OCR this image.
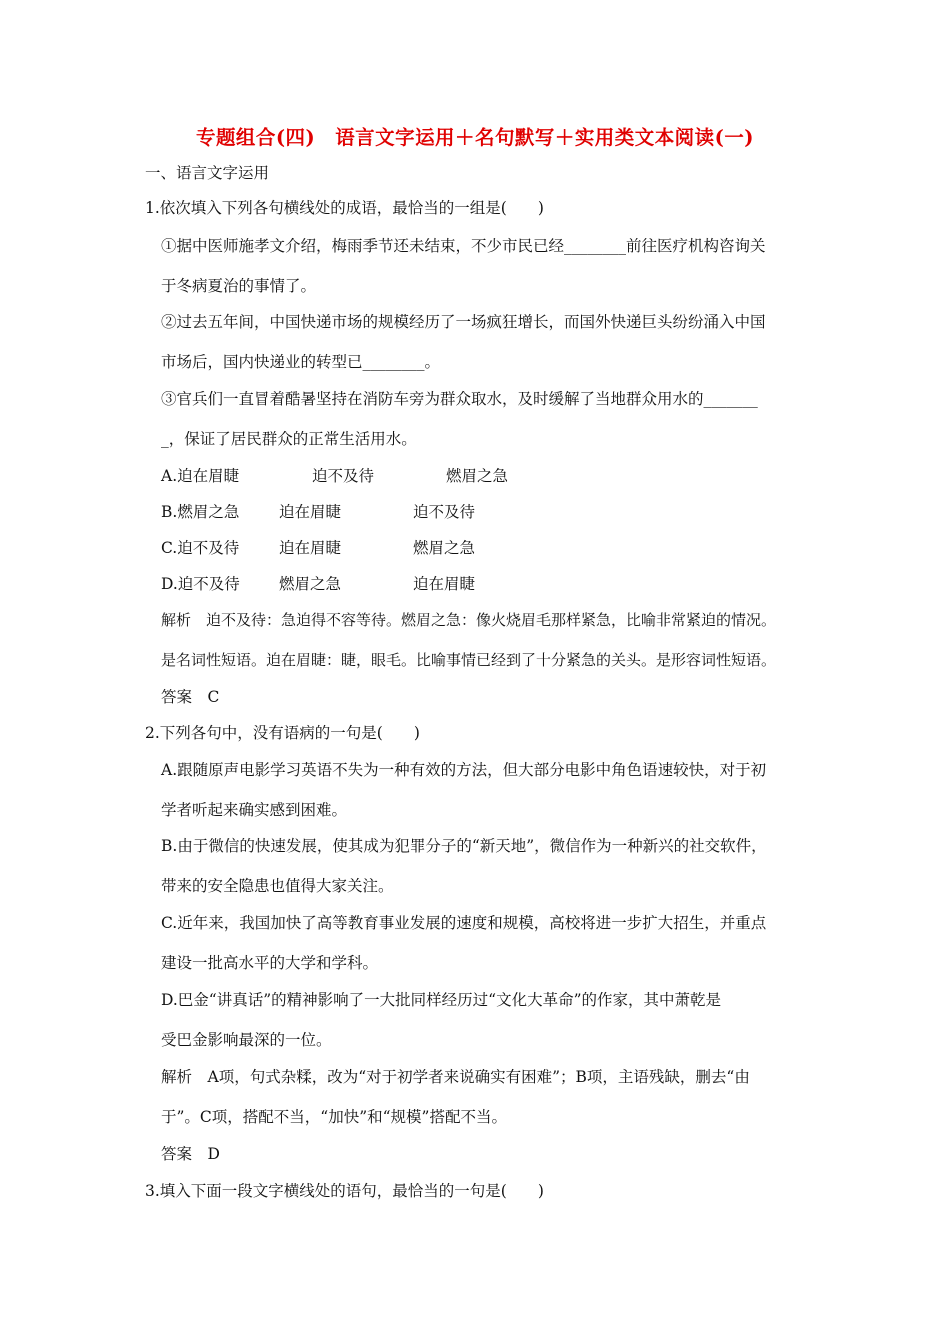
专题组合(四)　语言文字运用＋名句默写＋实用类文本阅读(一)
一、语言文字运用
1.依次填入下列各句横线处的成语，最恰当的一组是(　　)
①据中医师施孝文介绍，梅雨季节还未结束，不少市民已经________前往医疗机构咨询关
于冬病夏治的事情了。
②过去五年间，中国快递市场的规模经历了一场疯狂增长，而国外快递巨头纷纷涌入中国
市场后，国内快递业的转型已________。
③官兵们一直冒着酷暑坚持在消防车旁为群众取水，及时缓解了当地群众用水的_______
_，保证了居民群众的正常生活用水。
A.迫在眉睫	迫不及待	燃眉之急
B.燃眉之急	迫在眉睫	迫不及待
C.迫不及待	迫在眉睫	燃眉之急
D.迫不及待	燃眉之急	迫在眉睫
解析　迫不及待：急迫得不容等待。燃眉之急：像火烧眉毛那样紧急，比喻非常紧迫的情况。
是名词性短语。迫在眉睫：睫，眼毛。比喻事情已经到了十分紧急的关头。是形容词性短语。
答案　C
2.下列各句中，没有语病的一句是(　　)
A.跟随原声电影学习英语不失为一种有效的方法，但大部分电影中角色语速较快，对于初
学者听起来确实感到困难。
B.由于微信的快速发展，使其成为犯罪分子的“新天地”，微信作为一种新兴的社交软件，
带来的安全隐患也值得大家关注。
C.近年来，我国加快了高等教育事业发展的速度和规模，高校将进一步扩大招生，并重点
建设一批高水平的大学和学科。
D.巴金“讲真话”的精神影响了一大批同样经历过“文化大革命”的作家，其中萧乾是
受巴金影响最深的一位。
解析　A项，句式杂糅，改为“对于初学者来说确实有困难”；B项，主语残缺，删去“由
于”。C项，搭配不当，“加快”和“规模”搭配不当。
答案　D
3.填入下面一段文字横线处的语句，最恰当的一句是(　　)
